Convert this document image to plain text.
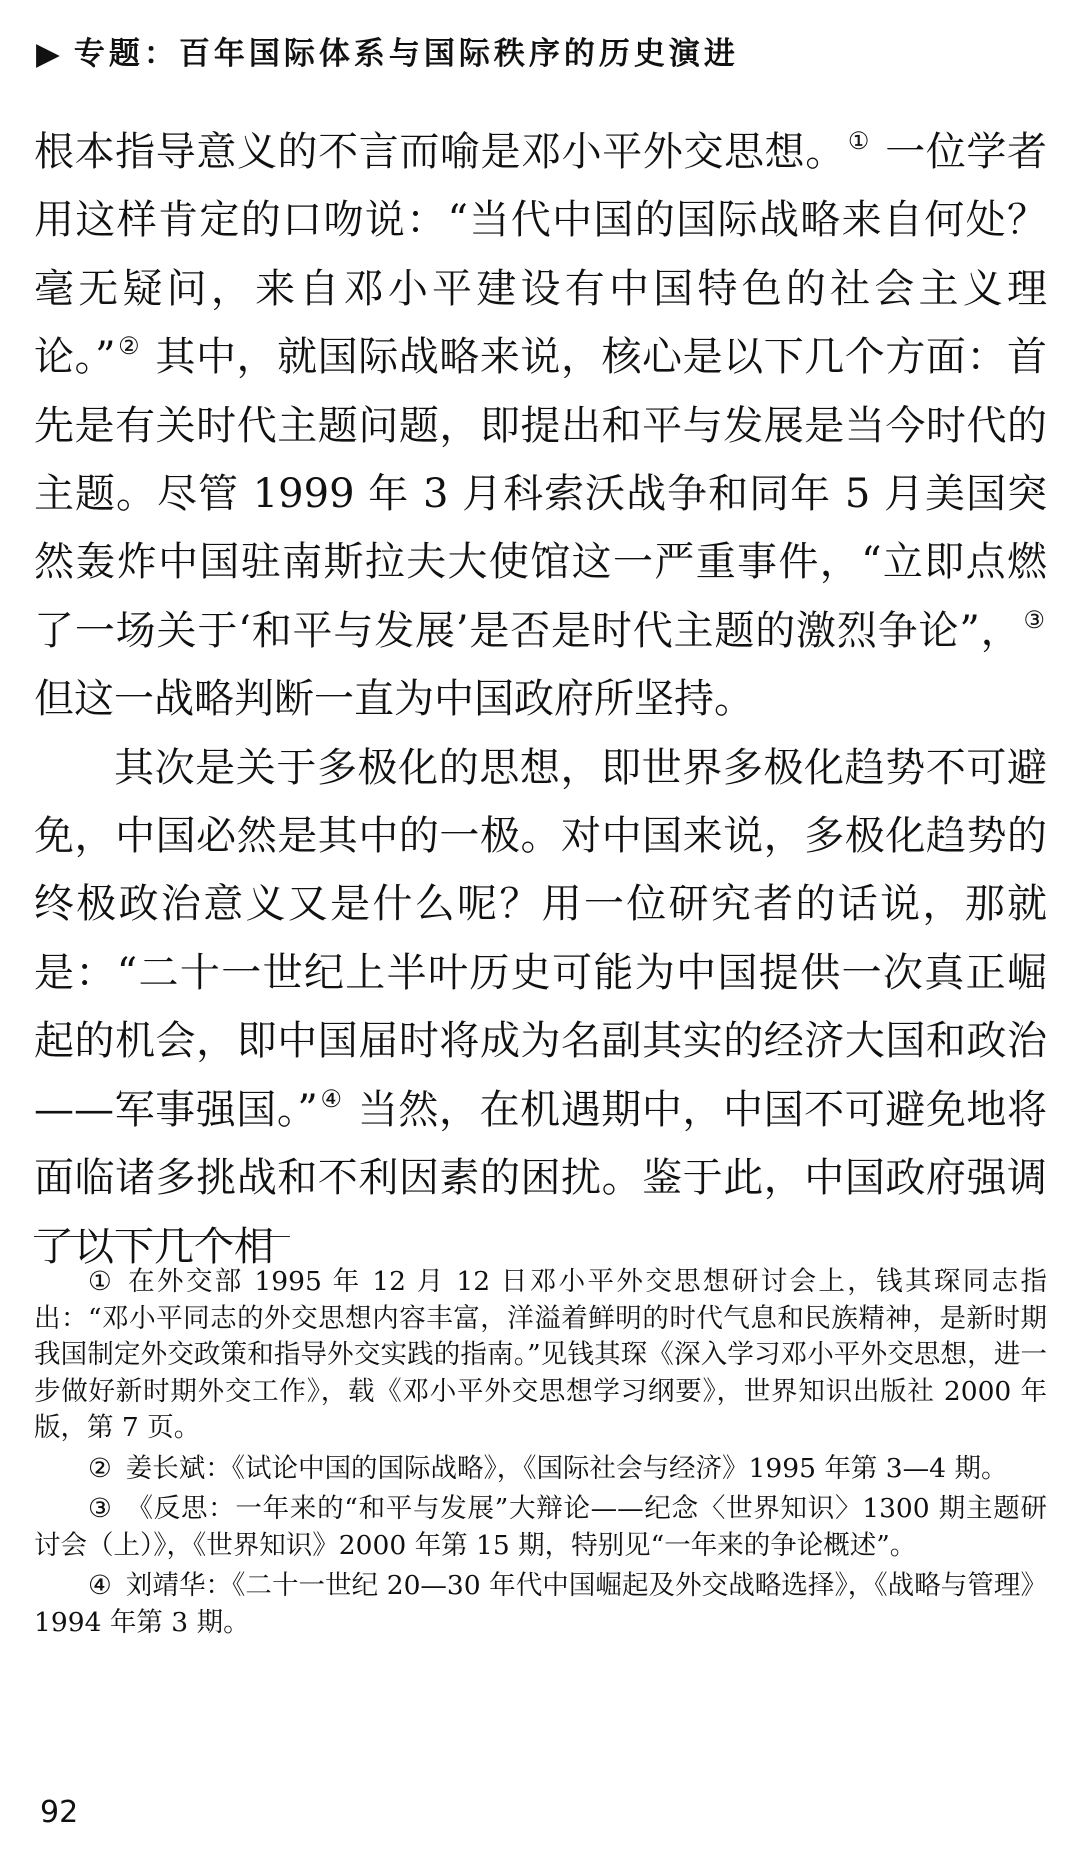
▶ 专题：百年国际体系与国际秩序的历史演进

根本指导意义的不言而喻是邓小平外交思想。① 一位学者用这样肯定的口吻说：“当代中国的国际战略来自何处？毫无疑问，来自邓小平建设有中国特色的社会主义理论。”② 其中，就国际战略来说，核心是以下几个方面：首先是有关时代主题问题，即提出和平与发展是当今时代的主题。尽管 1999 年 3 月科索沃战争和同年 5 月美国突然轰炸中国驻南斯拉夫大使馆这一严重事件，“立即点燃了一场关于‘和平与发展’是否是时代主题的激烈争论”，③ 但这一战略判断一直为中国政府所坚持。

其次是关于多极化的思想，即世界多极化趋势不可避免，中国必然是其中的一极。对中国来说，多极化趋势的终极政治意义又是什么呢？用一位研究者的话说，那就是：“二十一世纪上半叶历史可能为中国提供一次真正崛起的机会，即中国届时将成为名副其实的经济大国和政治——军事强国。”④ 当然，在机遇期中，中国不可避免地将面临诸多挑战和不利因素的困扰。鉴于此，中国政府强调了以下几个相

① 在外交部 1995 年 12 月 12 日邓小平外交思想研讨会上，钱其琛同志指出：“邓小平同志的外交思想内容丰富，洋溢着鲜明的时代气息和民族精神，是新时期我国制定外交政策和指导外交实践的指南。”见钱其琛《深入学习邓小平外交思想，进一步做好新时期外交工作》，载《邓小平外交思想学习纲要》，世界知识出版社 2000 年版，第 7 页。

② 姜长斌：《试论中国的国际战略》，《国际社会与经济》1995 年第 3—4 期。

③ 《反思：一年来的“和平与发展”大辩论——纪念〈世界知识〉1300 期主题研讨会（上）》，《世界知识》2000 年第 15 期，特别见“一年来的争论概述”。

④ 刘靖华：《二十一世纪 20—30 年代中国崛起及外交战略选择》，《战略与管理》1994 年第 3 期。

92
